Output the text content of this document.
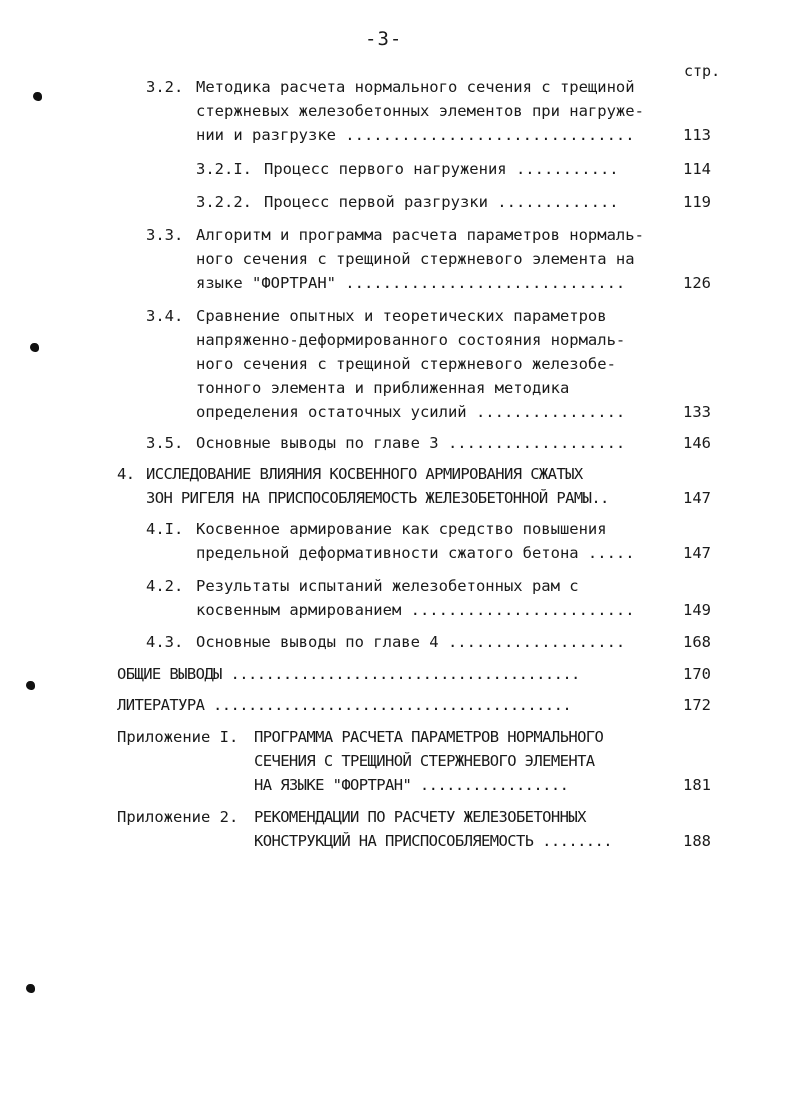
-3-
стр.
3.2. Методика расчета нормального сечения с трещиной
стержневых железобетонных элементов при нагруже-
нии и разгрузке ...............................	113
3.2.I. Процесс первого нагружения ...........	114
3.2.2. Процесс первой разгрузки .............	119
3.3. Алгоритм и программа расчета параметров нормаль-
ного сечения с трещиной стержневого элемента на
языке "ФОРТРАН" ..............................	126
3.4. Сравнение опытных и теоретических параметров
напряженно-деформированного состояния нормаль-
ного сечения с трещиной стержневого железобе-
тонного элемента и приближенная методика
определения остаточных усилий ................	133
3.5. Основные выводы по главе 3 ...................	146
4. ИССЛЕДОВАНИЕ ВЛИЯНИЯ КОСВЕННОГО АРМИРОВАНИЯ СЖАТЫХ
ЗОН РИГЕЛЯ НА ПРИСПОСОБЛЯЕМОСТЬ ЖЕЛЕЗОБЕТОННОЙ РАМЫ..	147
4.I. Косвенное армирование как средство повышения
предельной деформативности сжатого бетона .....	147
4.2. Результаты испытаний железобетонных рам с
косвенным армированием ........................	149
4.3. Основные выводы по главе 4 ...................	168
ОБЩИЕ ВЫВОДЫ ........................................	170
ЛИТЕРАТУРА .........................................	172
Приложение I. ПРОГРАММА РАСЧЕТА ПАРАМЕТРОВ НОРМАЛЬНОГО
СЕЧЕНИЯ С ТРЕЩИНОЙ СТЕРЖНЕВОГО ЭЛЕМЕНТА
НА ЯЗЫКЕ "ФОРТРАН" .................	181
Приложение 2. РЕКОМЕНДАЦИИ ПО РАСЧЕТУ ЖЕЛЕЗОБЕТОННЫХ
КОНСТРУКЦИЙ НА ПРИСПОСОБЛЯЕМОСТЬ ........	188
